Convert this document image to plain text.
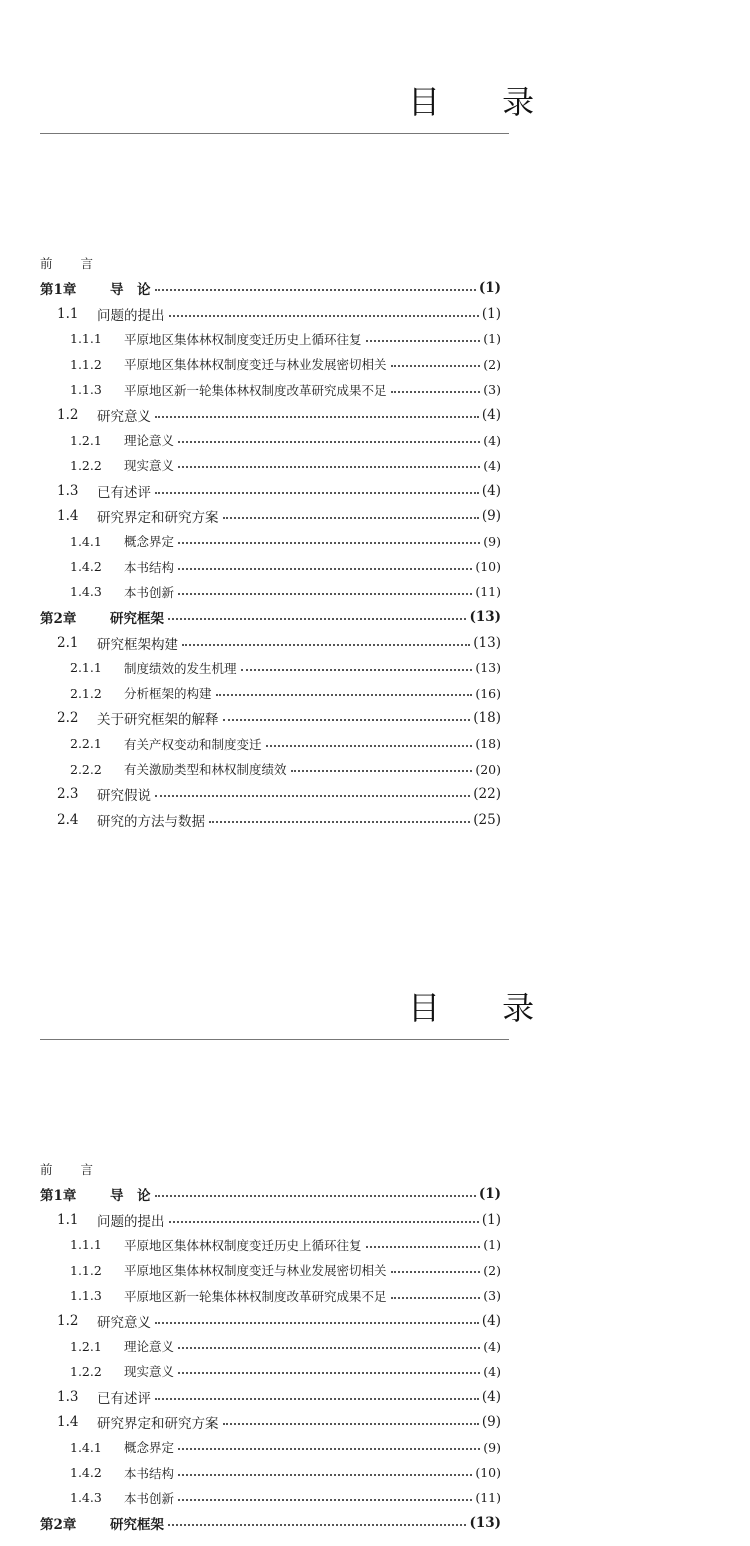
目 录
前 言
第1章	导　论	(1)
1.1	问题的提出	(1)
1.1.1	平原地区集体林权制度变迁历史上循环往复	(1)
1.1.2	平原地区集体林权制度变迁与林业发展密切相关	(2)
1.1.3	平原地区新一轮集体林权制度改革研究成果不足	(3)
1.2	研究意义	(4)
1.2.1	理论意义	(4)
1.2.2	现实意义	(4)
1.3	已有述评	(4)
1.4	研究界定和研究方案	(9)
1.4.1	概念界定	(9)
1.4.2	本书结构	(10)
1.4.3	本书创新	(11)
第2章	研究框架	(13)
2.1	研究框架构建	(13)
2.1.1	制度绩效的发生机理	(13)
2.1.2	分析框架的构建	(16)
2.2	关于研究框架的解释	(18)
2.2.1	有关产权变动和制度变迁	(18)
2.2.2	有关激励类型和林权制度绩效	(20)
2.3	研究假说	(22)
2.4	研究的方法与数据	(25)
目 录
前 言
第1章	导　论	(1)
1.1	问题的提出	(1)
1.1.1	平原地区集体林权制度变迁历史上循环往复	(1)
1.1.2	平原地区集体林权制度变迁与林业发展密切相关	(2)
1.1.3	平原地区新一轮集体林权制度改革研究成果不足	(3)
1.2	研究意义	(4)
1.2.1	理论意义	(4)
1.2.2	现实意义	(4)
1.3	已有述评	(4)
1.4	研究界定和研究方案	(9)
1.4.1	概念界定	(9)
1.4.2	本书结构	(10)
1.4.3	本书创新	(11)
第2章	研究框架	(13)
